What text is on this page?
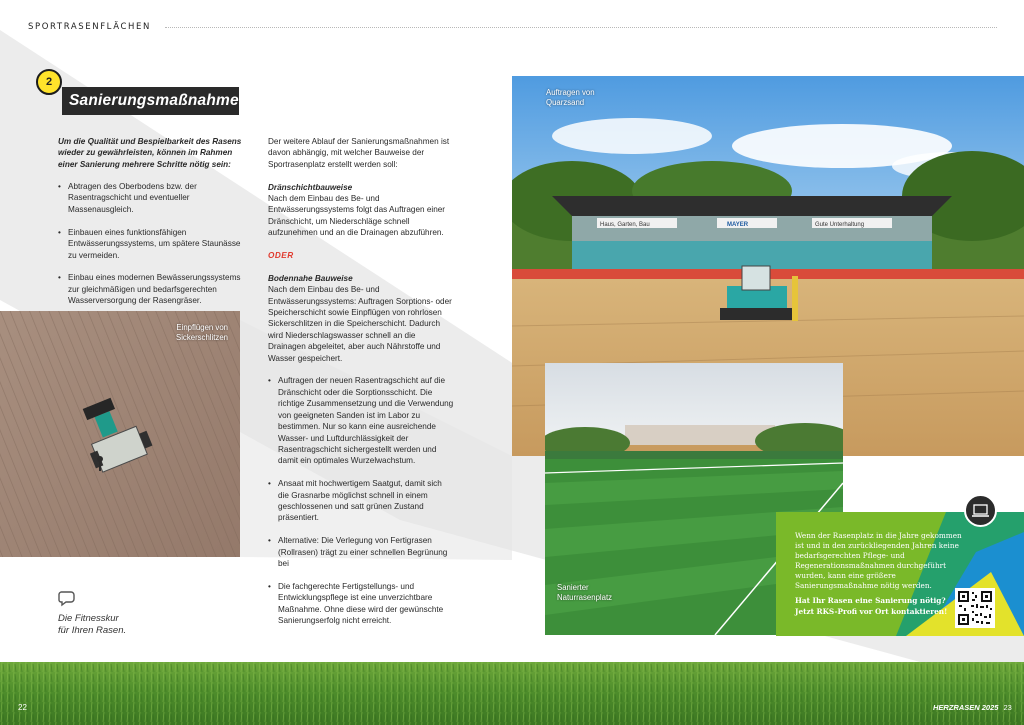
SPORTRASENFLÄCHEN
2
Sanierungsmaßnahmen
Um die Qualität und Bespielbarkeit des Rasens wieder zu gewährleisten, können im Rahmen einer Sanierung mehrere Schritte nötig sein:
• Abtragen des Oberbodens bzw. der Rasentragschicht und eventueller Massenausgleich.
• Einbauen eines funktionsfähigen Entwässerungssystems, um spätere Staunässe zu vermeiden.
• Einbau eines modernen Bewässerungssystems zur gleichmäßigen und bedarfsgerechten Wasserversorgung der Rasengräser.

Der weitere Ablauf der Sanierungsmaßnahmen ist davon abhängig, mit welcher Bauweise der Sportrasenplatz erstellt werden soll:

Dränschichtbauweise

Nach dem Einbau des Be- und Entwässerungssystems folgt das Auftragen einer Dränschicht, um Niederschläge schnell aufzunehmen und an die Drainagen abzuführen.

ODER

Bodennahe Bauweise

Nach dem Einbau des Be- und Entwässerungssystems: Auftragen Sorptions- oder Speicherschicht sowie Einpflügen von rohrlosen Sickerschlitzen in die Speicherschicht. Dadurch wird Niederschlagswasser schnell an die Drainagen abgeleitet, aber auch Nährstoffe und Wasser gespeichert.

• Auftragen der neuen Rasentragschicht auf die Dränschicht oder die Sorptionsschicht. Die richtige Zusammensetzung und die Verwendung von geeigneten Sanden ist im Labor zu bestimmen. Nur so kann eine ausreichende Wasser- und Luftdurchlässigkeit der Rasentragschicht sichergestellt werden und damit ein optimales Wurzelwachstum.
• Ansaat mit hochwertigem Saatgut, damit sich die Grasnarbe möglichst schnell in einem geschlossenen und satt grünen Zustand präsentiert.
• Alternative: Die Verlegung von Fertigrasen (Rollrasen) trägt zu einer schnellen Begrünung bei
• Die fachgerechte Fertigstellungs- und Entwicklungspflege ist eine unverzichtbare Maßnahme. Ohne diese wird der gewünschte Sanierungserfolg nicht erreicht.
Einpflügen von
Sickerschlitzen
Die Fitnesskur
für Ihren Rasen.
Haus, Garten, Bau	MAYER	Gute Unterhaltung
Auftragen von
Quarzsand
Sanierter
Naturrasenplatz
Wenn der Rasenplatz in die Jahre gekommen ist und in den zurückliegenden Jahren keine bedarfsgerechten Pflege- und Regenerationsmaßnahmen durchgeführt wurden, kann eine größere Sanierungsmaßnahme nötig werden.
Hat Ihr Rasen eine Sanierung nötig?
Jetzt RKS-Profi vor Ort kontaktieren!
22	HERZRASEN 2025 23
